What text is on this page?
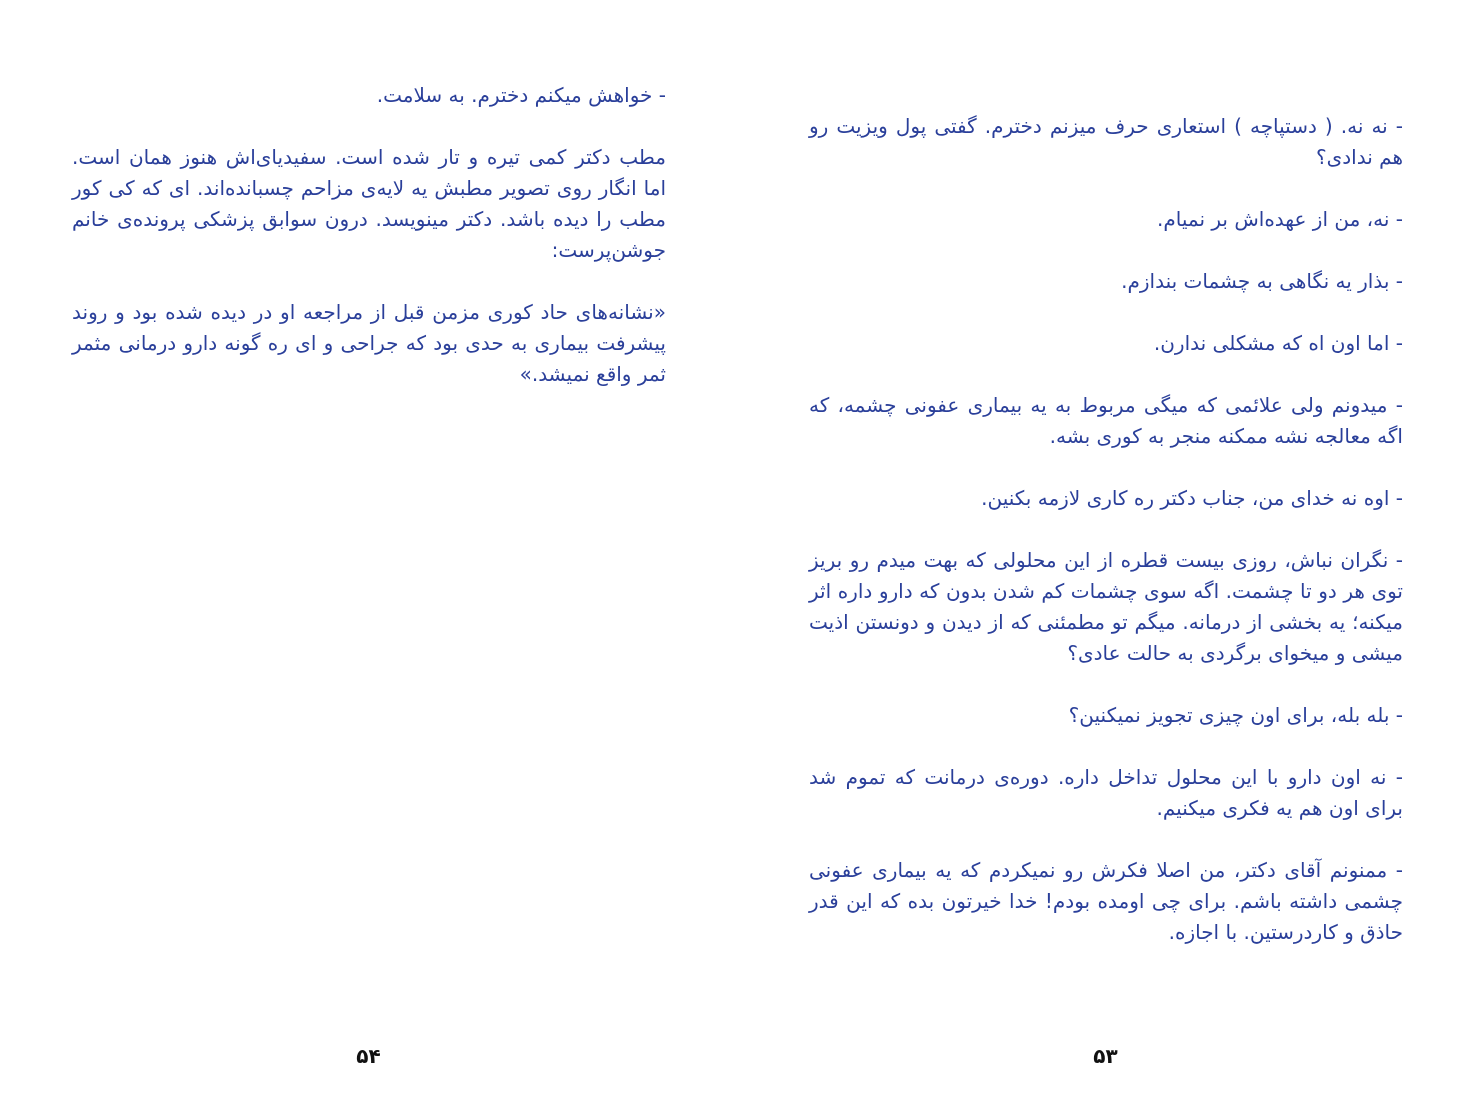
- خواهش میکنم دخترم. به سلامت.

مطب دکتر کمی تیره و تار شده است. سفیدیای‌اش هنوز همان است. اما انگار روی تصویر مطبش یه لایه‌ی مزاحم چسبانده‌اند. ای که کی کور مطب را دیده باشد. دکتر مینویسد. درون سوابق پزشکی پرونده‌ی خانم جوشن‌پرست:

«نشانه‌های حاد کوری مزمن قبل از مراجعه او در دیده شده بود و روند پیشرفت بیماری به حدی بود که جراحی و ای ره گونه دارو درمانی مثمر ثمر واقع نمیشد.»

۵۴

- نه نه. ( دستپاچه ) استعاری حرف میزنم دخترم. گفتی پول ویزیت رو هم ندادی؟

- نه، من از عهده‌اش بر نمیام.

- بذار یه نگاهی به چشمات بندازم.

- اما اون اه که مشکلی ندارن.

- میدونم ولی علائمی که میگی مربوط به یه بیماری عفونی چشمه، که اگه معالجه نشه ممکنه منجر به کوری بشه.

- اوه نه خدای من، جناب دکتر ره کاری لازمه بکنین.

- نگران نباش، روزی بیست قطره از این محلولی که بهت میدم رو بریز توی هر دو تا چشمت. اگه سوی چشمات کم شدن بدون که دارو داره اثر میکنه؛ یه بخشی از درمانه. میگم تو مطمئنی که از دیدن و دونستن اذیت میشی و میخوای برگردی به حالت عادی؟

- بله بله، برای اون چیزی تجویز نمیکنین؟

- نه اون دارو با این محلول تداخل داره. دوره‌ی درمانت که تموم شد برای اون هم یه فکری میکنیم.

- ممنونم آقای دکتر، من اصلا فکرش رو نمیکردم که یه بیماری عفونی چشمی داشته باشم. برای چی اومده بودم! خدا خیرتون بده که این قدر حاذق و کاردرستین. با اجازه.

۵۳
